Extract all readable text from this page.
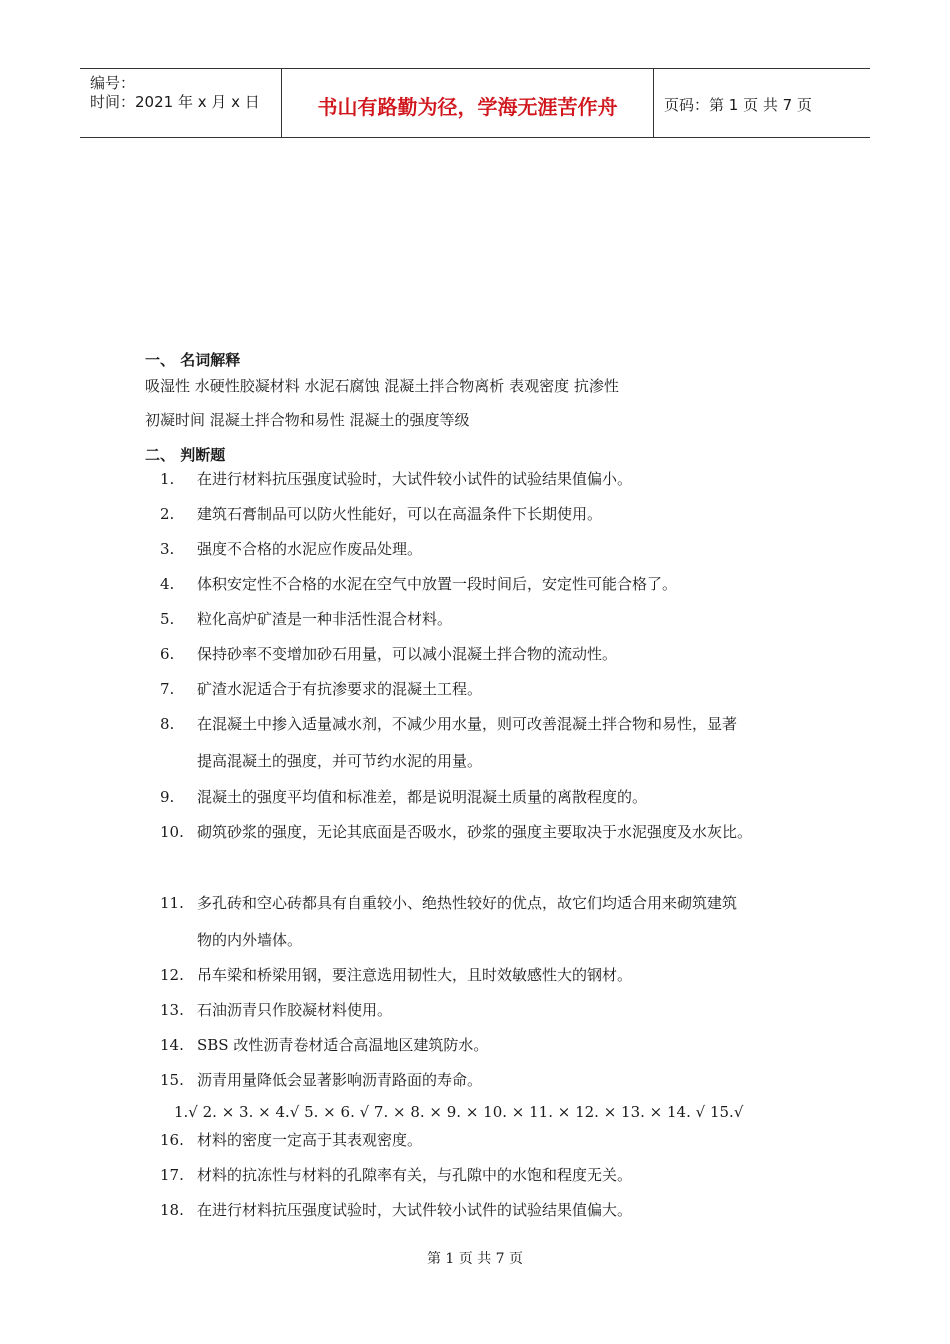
编号：
时间：2021 年 x 月 x 日	书山有路勤为径，学海无涯苦作舟	页码：第 1 页 共 7 页
一、 名词解释
吸湿性 水硬性胶凝材料 水泥石腐蚀 混凝土拌合物离析 表观密度 抗渗性
初凝时间 混凝土拌合物和易性 混凝土的强度等级
二、 判断题
1. 在进行材料抗压强度试验时，大试件较小试件的试验结果值偏小。
2. 建筑石膏制品可以防火性能好，可以在高温条件下长期使用。
3. 强度不合格的水泥应作废品处理。
4. 体积安定性不合格的水泥在空气中放置一段时间后，安定性可能合格了。
5. 粒化高炉矿渣是一种非活性混合材料。
6. 保持砂率不变增加砂石用量，可以减小混凝土拌合物的流动性。
7. 矿渣水泥适合于有抗渗要求的混凝土工程。
8. 在混凝土中掺入适量减水剂，不减少用水量，则可改善混凝土拌合物和易性，显著
提高混凝土的强度，并可节约水泥的用量。
9. 混凝土的强度平均值和标准差，都是说明混凝土质量的离散程度的。
10. 砌筑砂浆的强度，无论其底面是否吸水，砂浆的强度主要取决于水泥强度及水灰比。
11. 多孔砖和空心砖都具有自重较小、绝热性较好的优点，故它们均适合用来砌筑建筑
物的内外墙体。
12. 吊车梁和桥梁用钢，要注意选用韧性大，且时效敏感性大的钢材。
13. 石油沥青只作胶凝材料使用。
14. SBS 改性沥青卷材适合高温地区建筑防水。
15. 沥青用量降低会显著影响沥青路面的寿命。
1.√ 2. × 3. × 4.√ 5. × 6. √ 7. × 8. × 9. × 10. × 11. × 12. × 13. × 14. √ 15.√
16. 材料的密度一定高于其表观密度。
17. 材料的抗冻性与材料的孔隙率有关，与孔隙中的水饱和程度无关。
18. 在进行材料抗压强度试验时，大试件较小试件的试验结果值偏大。
第 1 页 共 7 页
